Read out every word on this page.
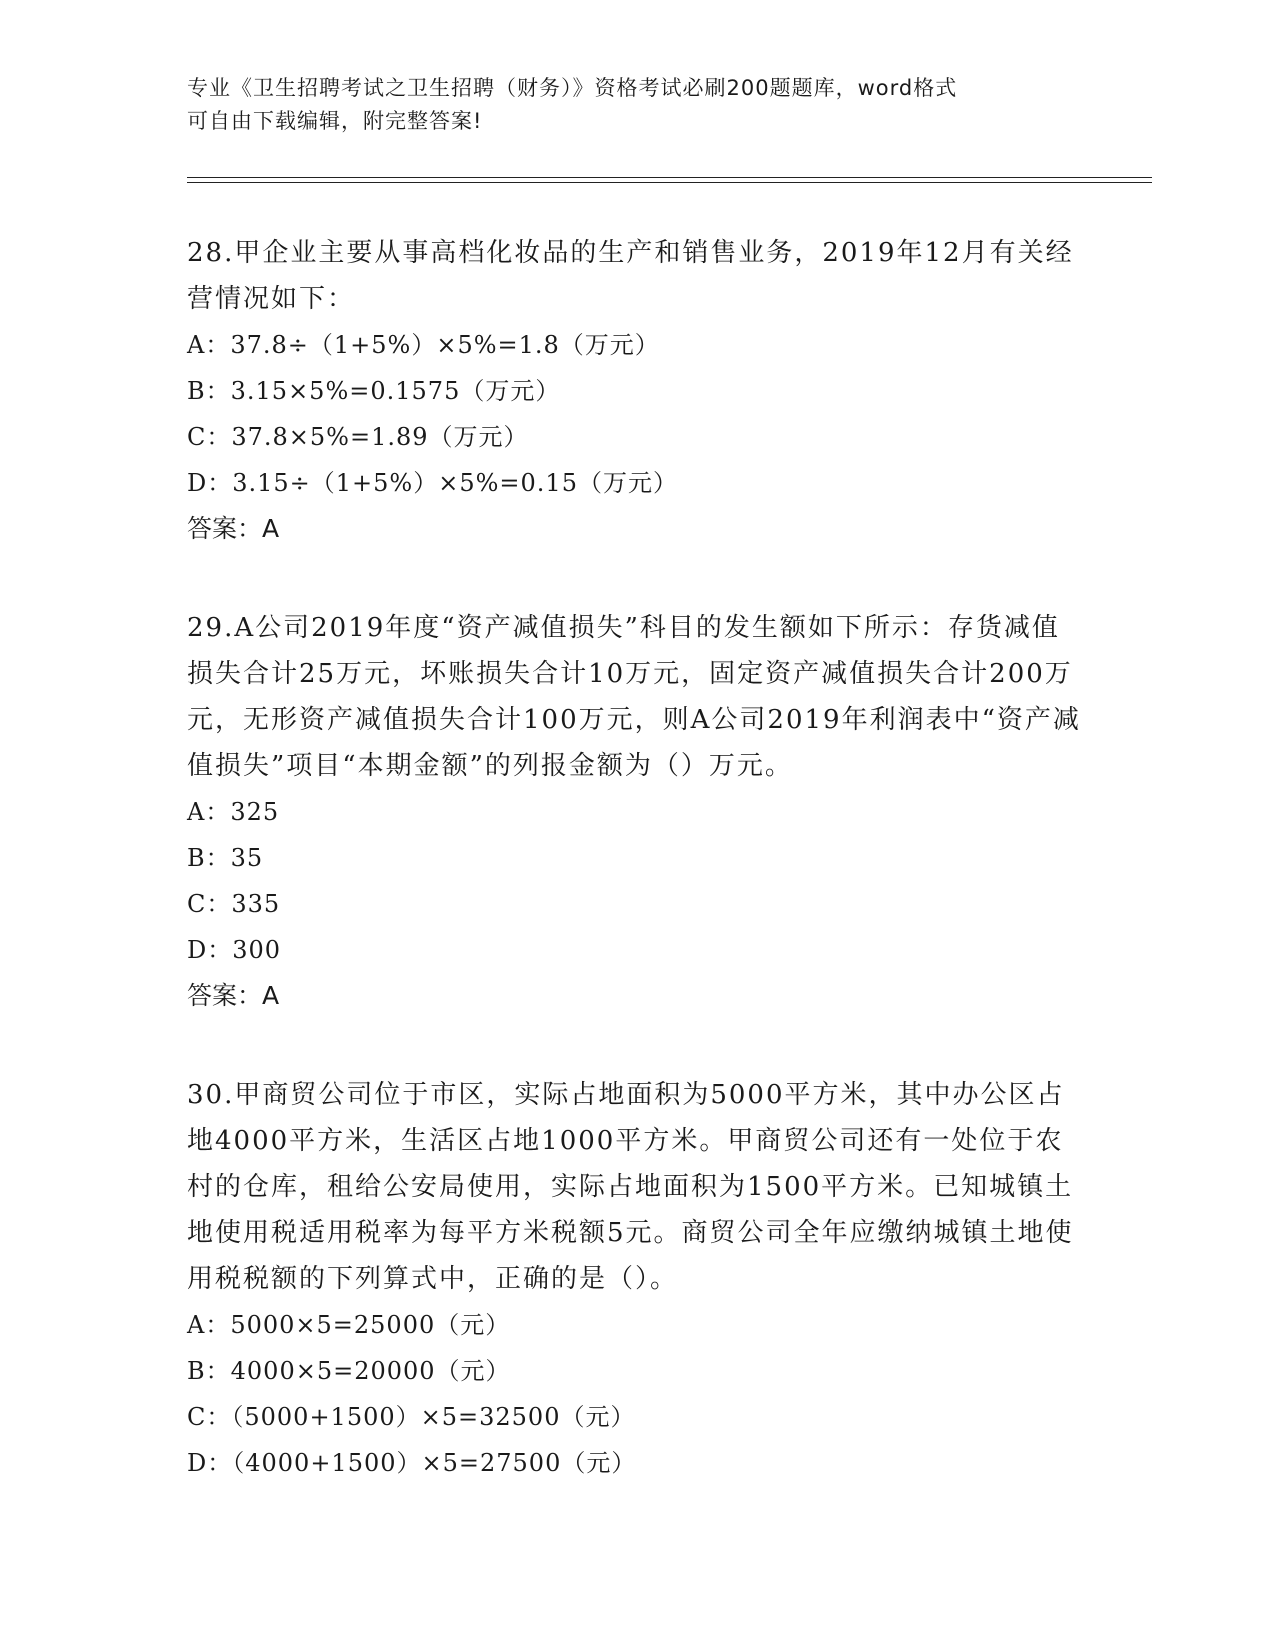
专业《卫生招聘考试之卫生招聘（财务）》资格考试必刷200题题库，word格式
可自由下载编辑，附完整答案!
28.甲企业主要从事高档化妆品的生产和销售业务，2019年12月有关经营情况如下：
A：37.8÷（1+5%）×5%=1.8（万元）
B：3.15×5%=0.1575（万元）
C：37.8×5%=1.89（万元）
D：3.15÷（1+5%）×5%=0.15（万元）
答案：A
29.A公司2019年度“资产减值损失”科目的发生额如下所示：存货减值损失合计25万元，坏账损失合计10万元，固定资产减值损失合计200万元，无形资产减值损失合计100万元，则A公司2019年利润表中“资产减值损失”项目“本期金额”的列报金额为（）万元。
A：325
B：35
C：335
D：300
答案：A
30.甲商贸公司位于市区，实际占地面积为5000平方米，其中办公区占地4000平方米，生活区占地1000平方米。甲商贸公司还有一处位于农村的仓库，租给公安局使用，实际占地面积为1500平方米。已知城镇土地使用税适用税率为每平方米税额5元。商贸公司全年应缴纳城镇土地使用税税额的下列算式中，正确的是（）。
A：5000×5=25000（元）
B：4000×5=20000（元）
C：（5000+1500）×5=32500（元）
D：（4000+1500）×5=27500（元）
